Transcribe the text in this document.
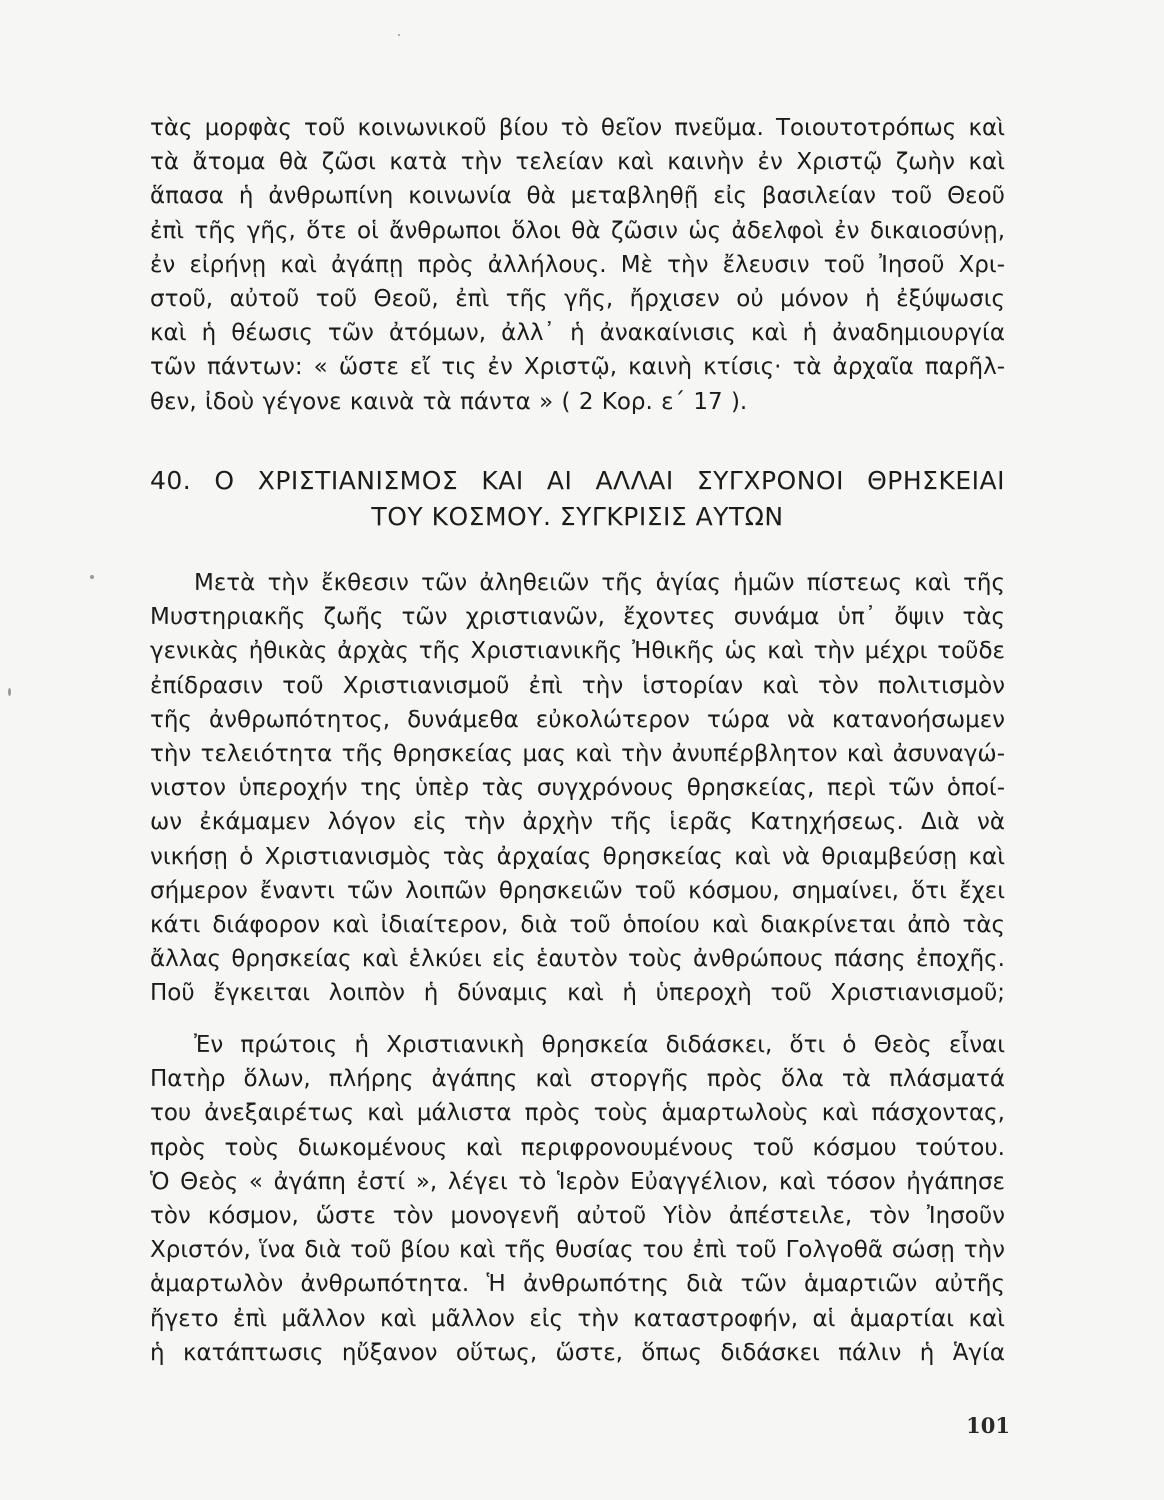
τὰς μορφὰς τοῦ κοινωνικοῦ βίου τὸ θεῖον πνεῦμα. Τοιουτοτρόπως καὶ
τὰ ἄτομα θὰ ζῶσι κατὰ τὴν τελείαν καὶ καινὴν ἐν Χριστῷ ζωὴν καὶ
ἅπασα ἡ ἀνθρωπίνη κοινωνία θὰ μεταβληθῇ εἰς βασιλείαν τοῦ Θεοῦ
ἐπὶ τῆς γῆς, ὅτε οἱ ἄνθρωποι ὅλοι θὰ ζῶσιν ὡς ἀδελφοὶ ἐν δικαιοσύνῃ,
ἐν εἰρήνῃ καὶ ἀγάπῃ πρὸς ἀλλήλους. Μὲ τὴν ἔλευσιν τοῦ Ἰησοῦ Χρι-
στοῦ, αὐτοῦ τοῦ Θεοῦ, ἐπὶ τῆς γῆς, ἤρχισεν οὐ μόνον ἡ ἐξύψωσις
καὶ ἡ θέωσις τῶν ἀτόμων, ἀλλ᾿ ἡ ἀνακαίνισις καὶ ἡ ἀναδημιουργία
τῶν πάντων: « ὥστε εἴ τις ἐν Χριστῷ, καινὴ κτίσις· τὰ ἀρχαῖα παρῆλ-
θεν, ἰδοὺ γέγονε καινὰ τὰ πάντα » ( 2 Κορ. ε΄ 17 ).
40. Ο ΧΡΙΣΤΙΑΝΙΣΜΟΣ ΚΑΙ ΑΙ ΑΛΛΑΙ ΣΥΓΧΡΟΝΟΙ ΘΡΗΣΚΕΙΑΙ
ΤΟΥ ΚΟΣΜΟΥ. ΣΥΓΚΡΙΣΙΣ ΑΥΤΩΝ
Μετὰ τὴν ἔκθεσιν τῶν ἀληθειῶν τῆς ἁγίας ἡμῶν πίστεως καὶ τῆς
Μυστηριακῆς ζωῆς τῶν χριστιανῶν, ἔχοντες συνάμα ὑπ᾿ ὄψιν τὰς
γενικὰς ἠθικὰς ἀρχὰς τῆς Χριστιανικῆς Ἠθικῆς ὡς καὶ τὴν μέχρι τοῦδε
ἐπίδρασιν τοῦ Χριστιανισμοῦ ἐπὶ τὴν ἱστορίαν καὶ τὸν πολιτισμὸν
τῆς ἀνθρωπότητος, δυνάμεθα εὐκολώτερον τώρα νὰ κατανοήσωμεν
τὴν τελειότητα τῆς θρησκείας μας καὶ τὴν ἀνυπέρβλητον καὶ ἀσυναγώ-
νιστον ὑπεροχήν της ὑπὲρ τὰς συγχρόνους θρησκείας, περὶ τῶν ὁποί-
ων ἐκάμαμεν λόγον εἰς τὴν ἀρχὴν τῆς ἱερᾶς Κατηχήσεως. Διὰ νὰ
νικήσῃ ὁ Χριστιανισμὸς τὰς ἀρχαίας θρησκείας καὶ νὰ θριαμβεύσῃ καὶ
σήμερον ἔναντι τῶν λοιπῶν θρησκειῶν τοῦ κόσμου, σημαίνει, ὅτι ἔχει
κάτι διάφορον καὶ ἰδιαίτερον, διὰ τοῦ ὁποίου καὶ διακρίνεται ἀπὸ τὰς
ἄλλας θρησκείας καὶ ἑλκύει εἰς ἑαυτὸν τοὺς ἀνθρώπους πάσης ἐποχῆς.
Ποῦ ἔγκειται λοιπὸν ἡ δύναμις καὶ ἡ ὑπεροχὴ τοῦ Χριστιανισμοῦ;
Ἐν πρώτοις ἡ Χριστιανικὴ θρησκεία διδάσκει, ὅτι ὁ Θεὸς εἶναι
Πατὴρ ὅλων, πλήρης ἀγάπης καὶ στοργῆς πρὸς ὅλα τὰ πλάσματά
του ἀνεξαιρέτως καὶ μάλιστα πρὸς τοὺς ἁμαρτωλοὺς καὶ πάσχοντας,
πρὸς τοὺς διωκομένους καὶ περιφρονουμένους τοῦ κόσμου τούτου.
Ὁ Θεὸς « ἀγάπη ἐστί », λέγει τὸ Ἱερὸν Εὐαγγέλιον, καὶ τόσον ἠγάπησε
τὸν κόσμον, ὥστε τὸν μονογενῆ αὐτοῦ Υἱὸν ἀπέστειλε, τὸν Ἰησοῦν
Χριστόν, ἵνα διὰ τοῦ βίου καὶ τῆς θυσίας του ἐπὶ τοῦ Γολγοθᾶ σώσῃ τὴν
ἁμαρτωλὸν ἀνθρωπότητα. Ἡ ἀνθρωπότης διὰ τῶν ἁμαρτιῶν αὐτῆς
ἤγετο ἐπὶ μᾶλλον καὶ μᾶλλον εἰς τὴν καταστροφήν, αἱ ἁμαρτίαι καὶ
ἡ κατάπτωσις ηὔξανον οὕτως, ὥστε, ὅπως διδάσκει πάλιν ἡ Ἁγία
101
